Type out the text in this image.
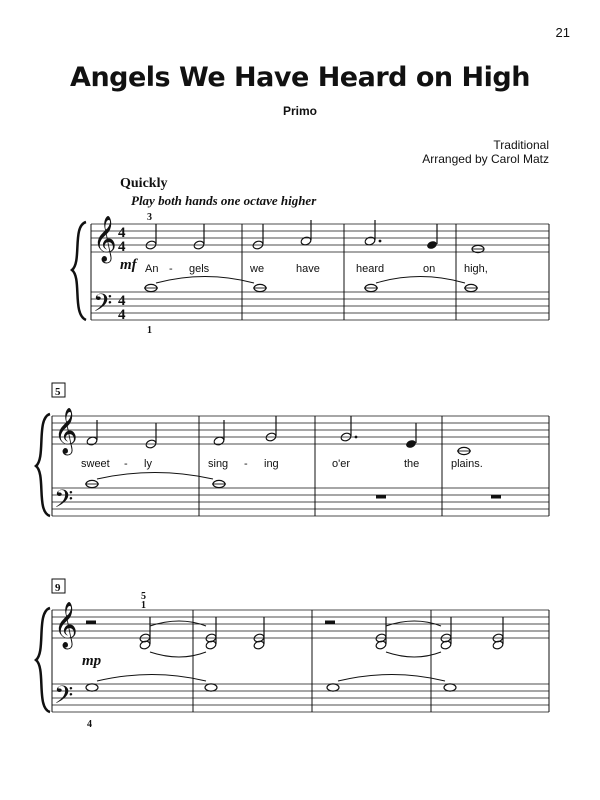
21
Angels We Have Heard on High
Primo
Traditional
Arranged by Carol Matz
Quickly
Play both hands one octave higher
𝄞
𝄢
4
4
4
4
3
1
mf An - gels	we	have	heard	on	high,
5
𝄞
𝄢
sweet - ly	sing - ing	o'er	the	plains.
9
𝄞
𝄢
5
1
4
mp
